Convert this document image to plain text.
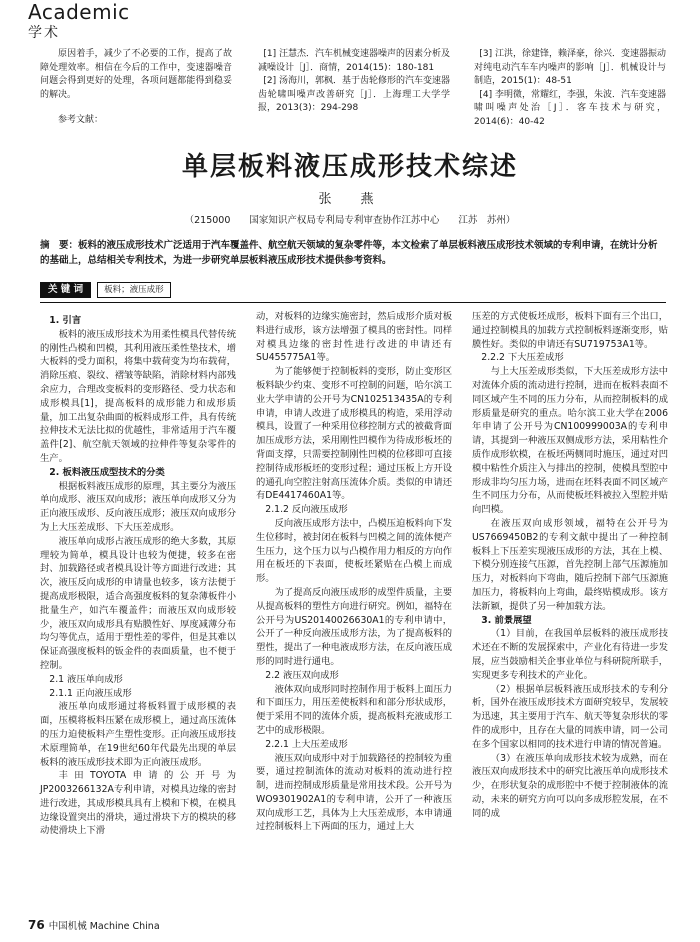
Academic
学术
原因着手，减少了不必要的工作，提高了故障处理效率。相信在今后的工作中，变速器噪音问题会得到更好的处理，各项问题都能得到稳妥的解决。
参考文献：

[1] 汪慧杰．汽车机械变速器噪声的因素分析及减噪设计［J］．商情，2014(15)：180-181

[2] 汤海川，郭枫．基于齿轮修形的汽车变速器齿轮啸叫噪声改善研究［J］．上海理工大学学报，2013(3)：294-298

[3] 江洪，徐建锋，赖泽豪，徐兴．变速器振动对纯电动汽车车内噪声的影响［J］．机械设计与制造，2015(1)：48-51

[4] 李明微，常耀红，李强，朱波．汽车变速器啸叫噪声处治［J］．客车技术与研究，2014(6)：40-42

单层板料液压成形技术综述
张　燕
（215000　　国家知识产权局专利局专利审查协作江苏中心　　江苏　苏州）
摘　要：板料的液压成形技术广泛适用于汽车覆盖件、航空航天领域的复杂零件等，本文检索了单层板料液压成形技术领域的专利申请，在统计分析的基础上，总结相关专利技术，为进一步研究单层板料液压成形技术提供参考资料。
关 键 词	板料；液压成形

1. 引言

板料的液压成形技术为用柔性模具代替传统的刚性凸模和凹模，其利用液压柔性垫技术，增大板料的受力面积，将集中载荷变为均布载荷，消除压痕、裂纹、褶皱等缺陷，消除材料内部残余应力，合理改变板料的变形路径、受力状态和成形模具[1]，提高板料的成形能力和成形质量，加工出复杂曲面的板料成形工件，具有传统拉伸技术无法比拟的优越性，非常适用于汽车覆盖件[2]、航空航天领域的拉伸件等复杂零件的生产。

2. 板料液压成型技术的分类

根据板料液压成形的原理，其主要分为液压单向成形、液压双向成形；液压单向成形又分为正向液压成形、反向液压成形；液压双向成形分为上大压差成形、下大压差成形。

液压单向成形占液压成形的绝大多数，其原理较为简单，模具设计也较为便捷，较多在密封、加载路径或者模具设计等方面进行改进；其次，液压反向成形的申请量也较多，该方法便于提高成形极限，适合高强度板料的复杂薄板件小批量生产，如汽车覆盖件；而液压双向成形较少，液压双向成形具有贴膜性好、厚度减薄分布均匀等优点，适用于塑性差的零件，但是其难以保证高强度板料的钣金件的表面质量，也不便于控制。

2.1 液压单向成形

2.1.1 正向液压成形

液压单向成形通过将板料置于成形模的表面，压模将板料压紧在成形模上，通过高压流体的压力迫使板料产生塑性变形。正向液压成形技术原理简单，在19世纪60年代最先出现的单层板料的液压成形技术即为正向液压成形。

丰田TOYOTA申请的公开号为JP2003266132A专利申请，对模具边缘的密封进行改进，其成形模具具有上模和下模，在模具边缘设置突出的滑块，通过滑块下方的模块的移动使滑块上下滑

动，对板料的边缘实施密封，然后成形介质对板料进行成形，该方法增强了模具的密封性。同样对模具边缘的密封性进行改进的申请还有SU455775A1等。

为了能够便于控制板料的变形，防止变形区板料缺少约束、变形不可控制的问题，哈尔滨工业大学申请的公开号为CN102513435A的专利申请，申请人改进了成形模具的构造，采用浮动模具，设置了一种采用位移控制方式的被截背面加压成形方法，采用刚性凹模作为待成形板坯的背面支撑，只需要控制刚性凹模的位移即可直接控制待成形板坯的变形过程；通过压板上方开设的通孔向空腔注射高压流体介质。类似的申请还有DE4417460A1等。

2.1.2 反向液压成形

反向液压成形方法中，凸模压迫板料向下发生位移时，被封闭在板料与凹模之间的流体便产生压力，这个压力以与凸模作用力相反的方向作用在板坯的下表面，使板坯紧贴在凸模上而成形。

为了提高反向液压成形的成型件质量，主要从提高板料的塑性方向进行研究。例如，福特在公开号为US20140026630A1的专利申请中，公开了一种反向液压成形方法，为了提高板料的塑性，提出了一种电液成形方法，在反向液压成形的同时进行通电。

2.2 液压双向成形

液体双向成形同时控制作用于板料上面压力和下面压力，用压差使板料和和部分形状成形，便于采用不同的流体介质，提高板料充液成形工艺中的成形极限。

2.2.1 上大压差成形

液压双向成形中对于加载路径的控制较为重要，通过控制流体的流动对板料的流动进行控制，进而控制成形质量是常用技术段。公开号为WO9301902A1的专利申请，公开了一种液压双向成形工艺，具体为上大压差成形，本申请通过控制板料上下两面的压力，通过上大

压差的方式使板坯成形，板料下面有三个出口，通过控制模具的加载方式控制板料逐渐变形，贴膜性好。类似的申请还有SU719753A1等。

2.2.2 下大压差成形

与上大压差成形类似，下大压差成形方法中对流体介质的流动进行控制，进而在板料表面不同区域产生不同的压力分布，从而控制板料的成形质量是研究的重点。哈尔滨工业大学在2006年申请了公开号为CN100999003A的专利申请，其提到一种液压双侧成形方法，采用粘性介质作成形软模，在板坯两侧同时施压，通过对凹模中粘性介质注入与排出的控制，使模具型腔中形成非均匀压力场，进而在坯料表面不同区域产生不同压力分布，从而使板坯料被拉入型腔并贴向凹模。

在液压双向成形领域，福特在公开号为US7669450B2的专利文献中提出了一种控制板料上下压差实现液压成形的方法，其在上模、下模分别连接气压源，首先控制上部气压源施加压力，对板料向下弯曲，随后控制下部气压源施加压力，将板料向上弯曲，最终贴模成形。该方法新颖，提供了另一种加载方法。

3. 前景展望

（1）目前，在我国单层板料的液压成形技术还在不断的发展探索中，产业化有待进一步发展，应当鼓励相关企事业单位与科研院所联手，实现更多专利技术的产业化。

（2）根据单层板料液压成形技术的专利分析，国外在液压成形技术方面研究较早，发展较为迅速，其主要用于汽车、航天等复杂形状的零件的成形中，且存在大量的同族申请，同一公司在多个国家以相同的技术进行申请的情况普遍。

（3）在液压单向成形技术较为成熟，而在液压双向成形技术中的研究比液压单向成形技术少，在形状复杂的成形腔中不便于控制液体的流动，未来的研究方向可以向多成形腔发展，在不同的成

76 中国机械 Machine China
